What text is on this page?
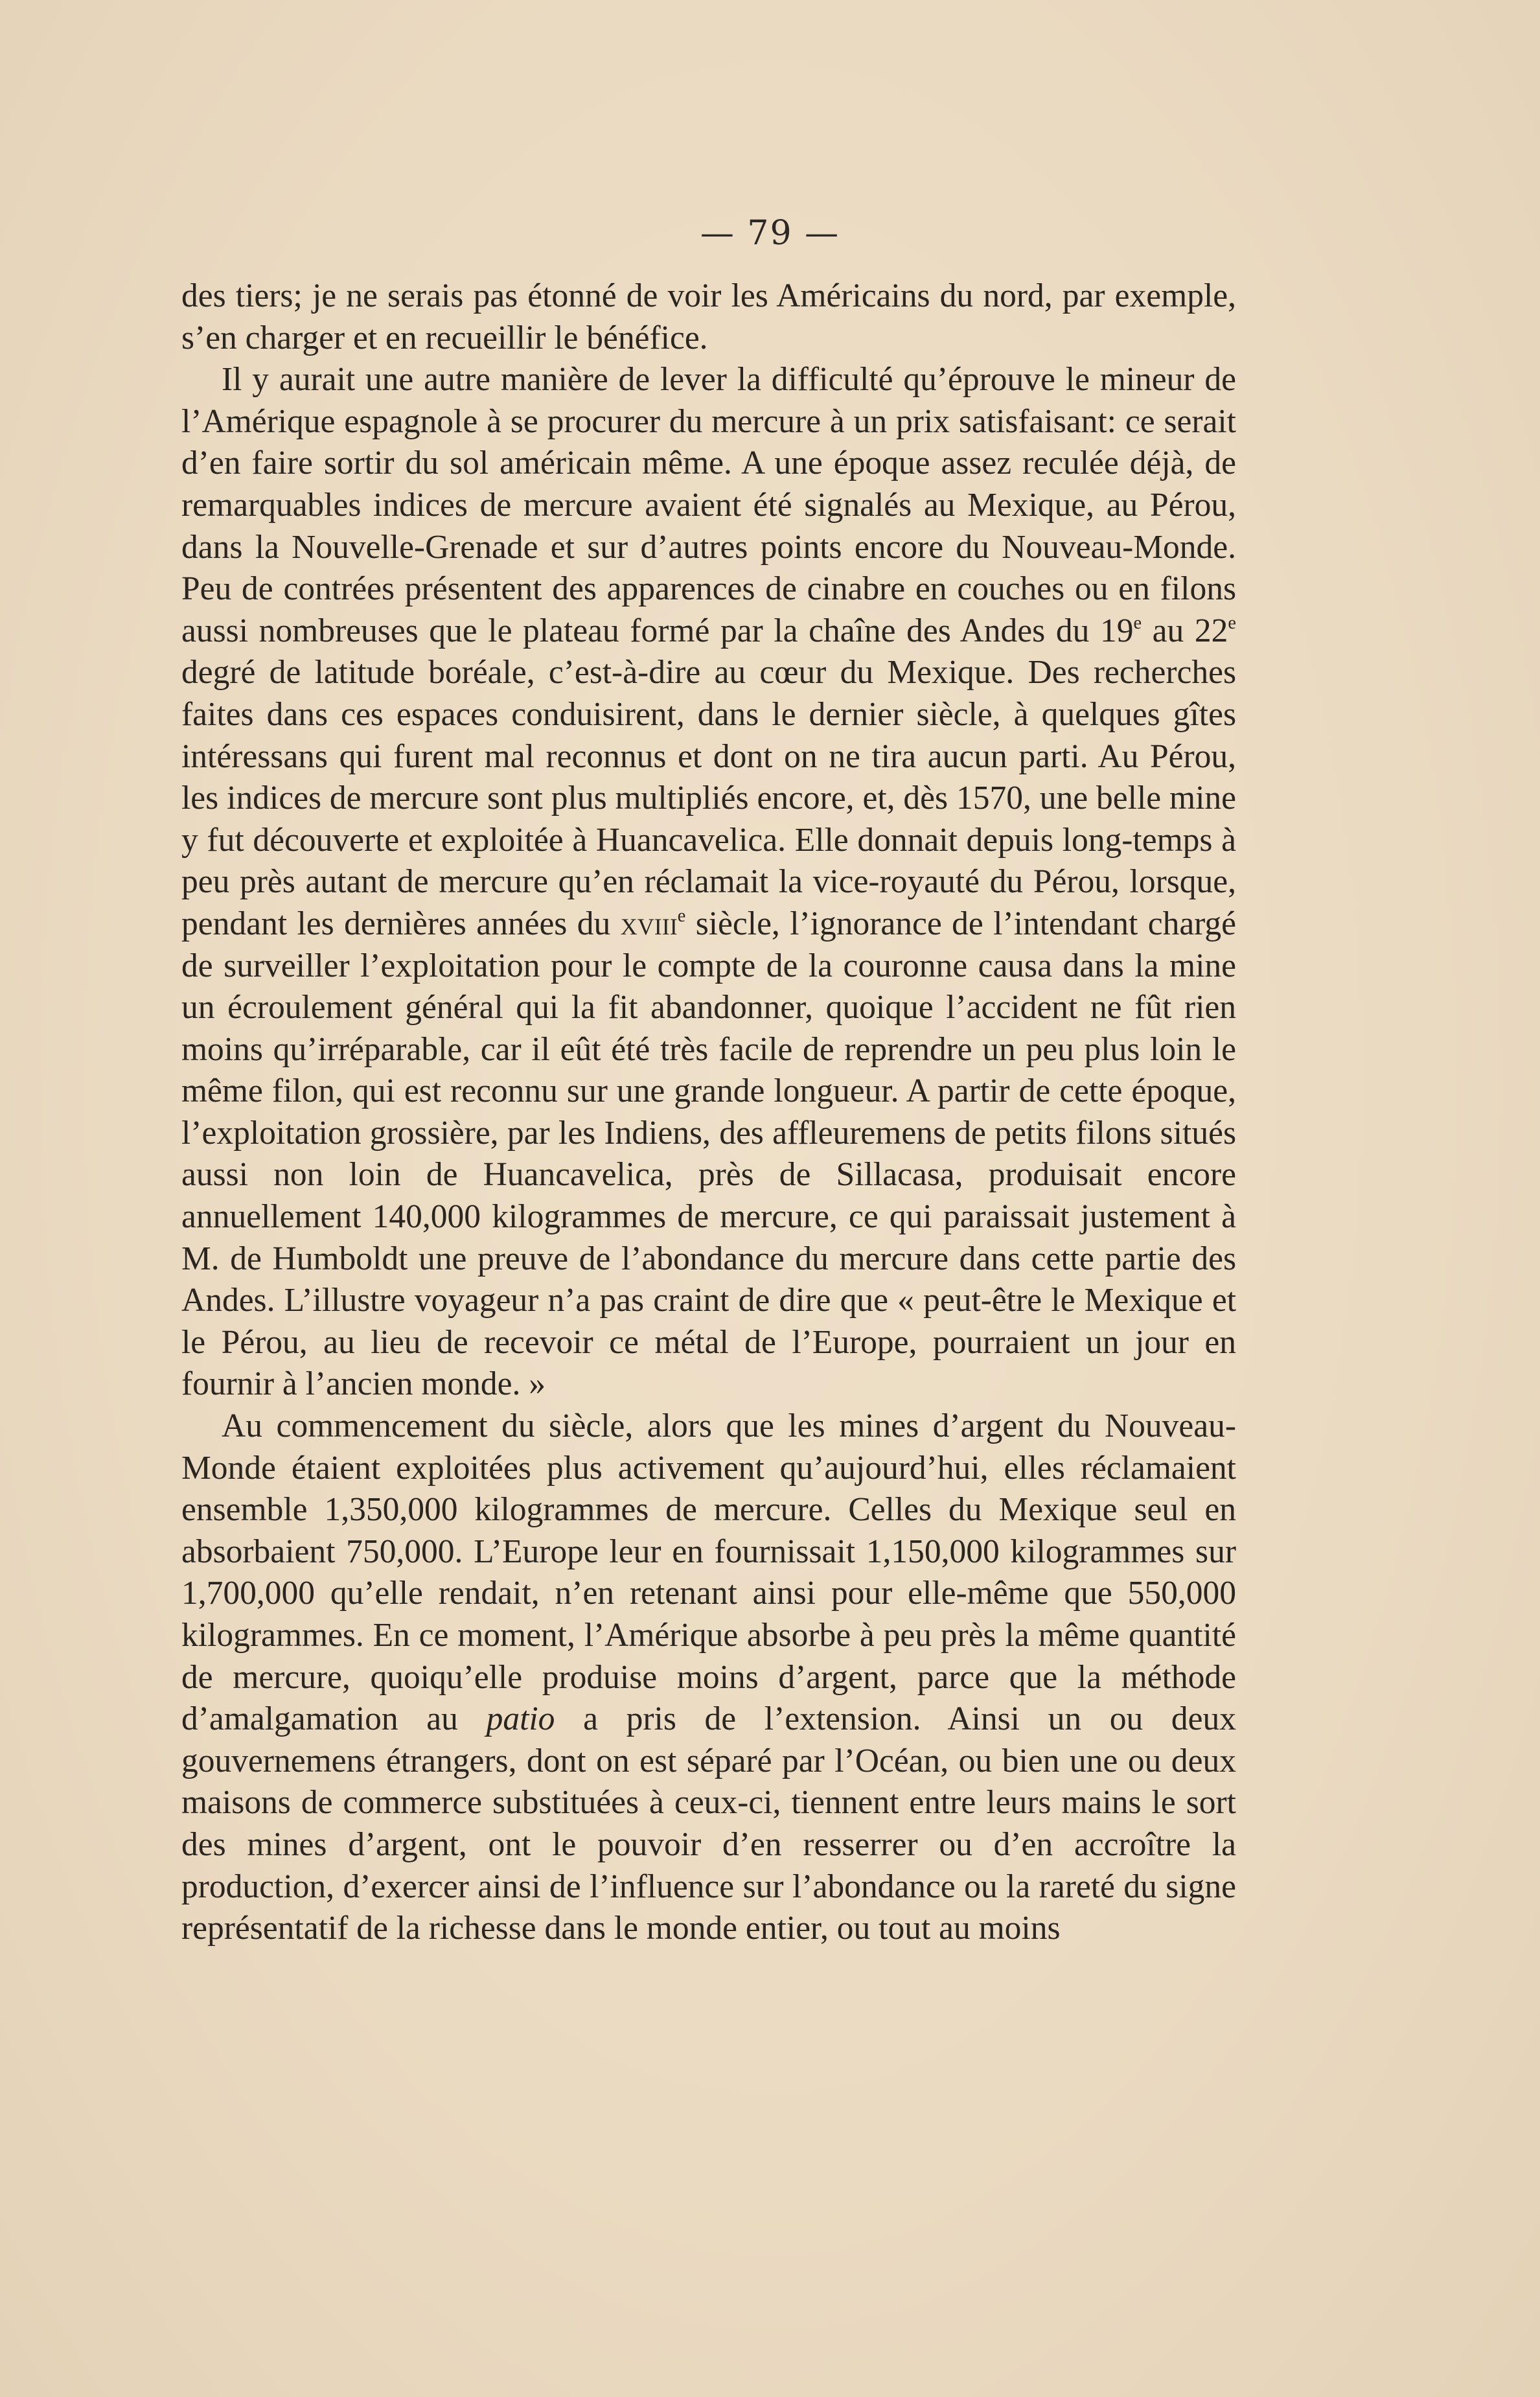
— 79 —

des tiers; je ne serais pas étonné de voir les Américains du nord, par exemple, s’en charger et en recueillir le bénéfice.

Il y aurait une autre manière de lever la difficulté qu’éprouve le mineur de l’Amérique espagnole à se procurer du mercure à un prix satisfaisant: ce serait d’en faire sortir du sol américain même. A une époque assez reculée déjà, de remarquables indices de mercure avaient été signalés au Mexique, au Pérou, dans la Nouvelle-Grenade et sur d’autres points encore du Nouveau-Monde. Peu de contrées présentent des apparences de cinabre en couches ou en filons aussi nombreuses que le plateau formé par la chaîne des Andes du 19e au 22e degré de latitude boréale, c’est-à-dire au cœur du Mexique. Des recherches faites dans ces espaces conduisirent, dans le dernier siècle, à quelques gîtes intéressans qui furent mal reconnus et dont on ne tira aucun parti. Au Pérou, les indices de mercure sont plus multipliés encore, et, dès 1570, une belle mine y fut découverte et exploitée à Huancavelica. Elle donnait depuis long-temps à peu près autant de mercure qu’en réclamait la vice-royauté du Pérou, lorsque, pendant les dernières années du xviii$^e$ siècle, l’ignorance de l’intendant chargé de surveiller l’exploitation pour le compte de la couronne causa dans la mine un écroulement général qui la fit abandonner, quoique l’accident ne fût rien moins qu’irréparable, car il eût été très facile de reprendre un peu plus loin le même filon, qui est reconnu sur une grande longueur. A partir de cette époque, l’exploitation grossière, par les Indiens, des affleuremens de petits filons situés aussi non loin de Huancavelica, près de Sillacasa, produisait encore annuellement 140,000 kilogrammes de mercure, ce qui paraissait justement à M. de Humboldt une preuve de l’abondance du mercure dans cette partie des Andes. L’illustre voyageur n’a pas craint de dire que « peut-être le Mexique et le Pérou, au lieu de recevoir ce métal de l’Europe, pourraient un jour en fournir à l’ancien monde. »

Au commencement du siècle, alors que les mines d’argent du Nouveau-Monde étaient exploitées plus activement qu’aujourd’hui, elles réclamaient ensemble 1,350,000 kilogrammes de mercure. Celles du Mexique seul en absorbaient 750,000. L’Europe leur en fournissait 1,150,000 kilogrammes sur 1,700,000 qu’elle rendait, n’en retenant ainsi pour elle-même que 550,000 kilogrammes. En ce moment, l’Amérique absorbe à peu près la même quantité de mercure, quoiqu’elle produise moins d’argent, parce que la méthode d’amalgamation au patio a pris de l’extension. Ainsi un ou deux gouvernemens étrangers, dont on est séparé par l’Océan, ou bien une ou deux maisons de commerce substituées à ceux-ci, tiennent entre leurs mains le sort des mines d’argent, ont le pouvoir d’en resserrer ou d’en accroître la production, d’exercer ainsi de l’influence sur l’abondance ou la rareté du signe représentatif de la richesse dans le monde entier, ou tout au moins
